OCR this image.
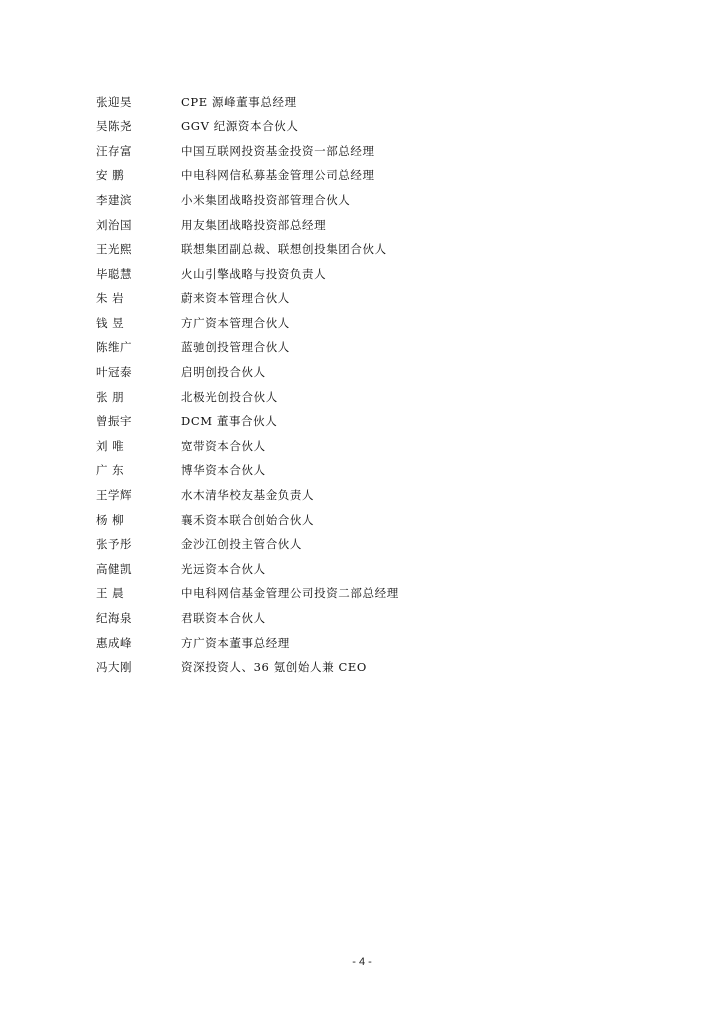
张迎昊	CPE 源峰董事总经理
吴陈尧	GGV 纪源资本合伙人
汪存富	中国互联网投资基金投资一部总经理
安 鹏	中电科网信私募基金管理公司总经理
李建滨	小米集团战略投资部管理合伙人
刘治国	用友集团战略投资部总经理
王光熙	联想集团副总裁、联想创投集团合伙人
毕聪慧	火山引擎战略与投资负责人
朱 岩	蔚来资本管理合伙人
钱 昱	方广资本管理合伙人
陈维广	蓝驰创投管理合伙人
叶冠泰	启明创投合伙人
张 朋	北极光创投合伙人
曾振宇	DCM 董事合伙人
刘 唯	宽带资本合伙人
广 东	博华资本合伙人
王学辉	水木清华校友基金负责人
杨 柳	襄禾资本联合创始合伙人
张予彤	金沙江创投主管合伙人
高健凯	光远资本合伙人
王 晨	中电科网信基金管理公司投资二部总经理
纪海泉	君联资本合伙人
惠成峰	方广资本董事总经理
冯大刚	资深投资人、36 氪创始人兼 CEO
- 4 -
